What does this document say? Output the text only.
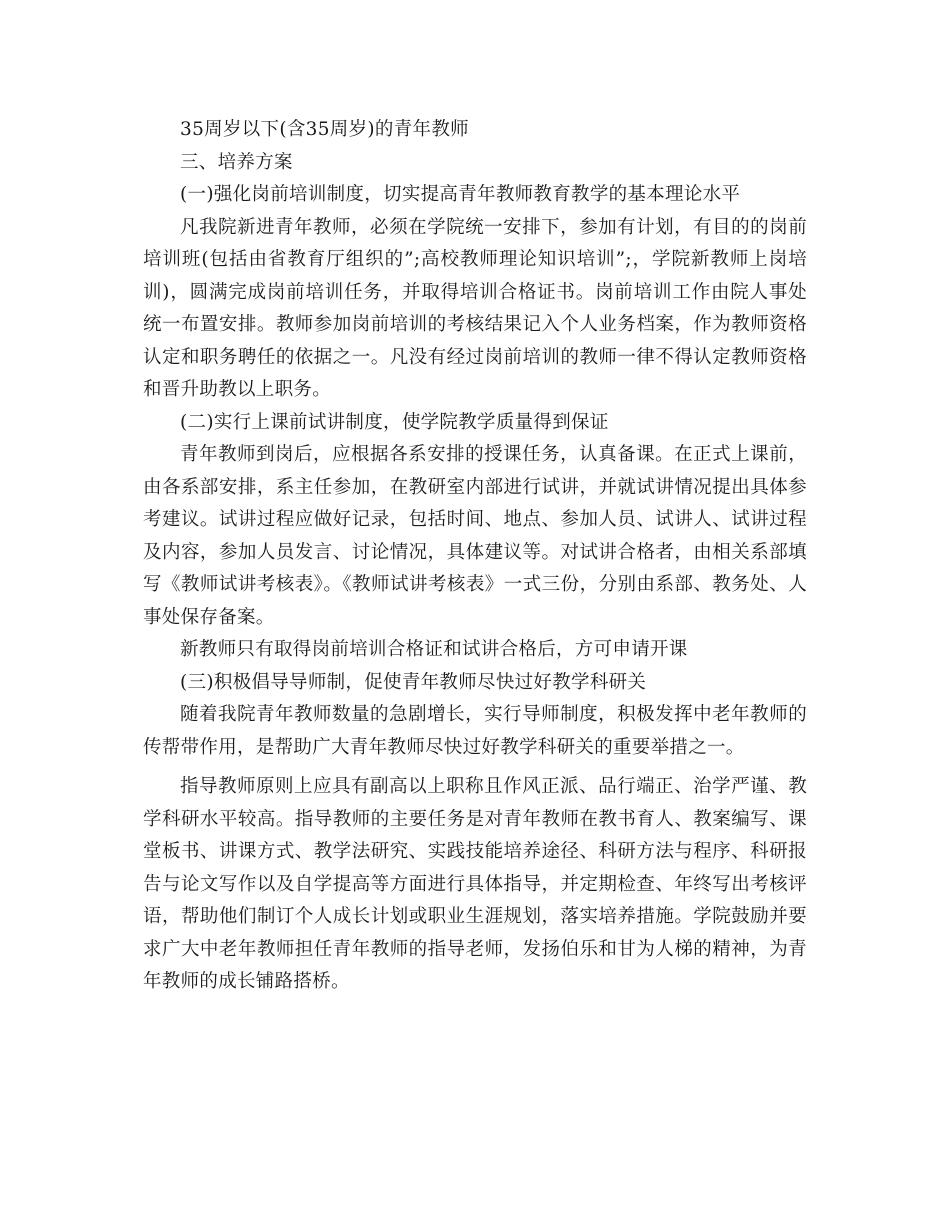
35周岁以下(含35周岁)的青年教师

三、培养方案

(一)强化岗前培训制度，切实提高青年教师教育教学的基本理论水平

凡我院新进青年教师，必须在学院统一安排下，参加有计划，有目的的岗前培训班(包括由省教育厅组织的”;高校教师理论知识培训”;，学院新教师上岗培训)，圆满完成岗前培训任务，并取得培训合格证书。岗前培训工作由院人事处统一布置安排。教师参加岗前培训的考核结果记入个人业务档案，作为教师资格认定和职务聘任的依据之一。凡没有经过岗前培训的教师一律不得认定教师资格和晋升助教以上职务。

(二)实行上课前试讲制度，使学院教学质量得到保证

青年教师到岗后，应根据各系安排的授课任务，认真备课。在正式上课前，由各系部安排，系主任参加，在教研室内部进行试讲，并就试讲情况提出具体参考建议。试讲过程应做好记录，包括时间、地点、参加人员、试讲人、试讲过程及内容，参加人员发言、讨论情况，具体建议等。对试讲合格者，由相关系部填写《教师试讲考核表》。《教师试讲考核表》一式三份，分别由系部、教务处、人事处保存备案。

新教师只有取得岗前培训合格证和试讲合格后，方可申请开课

(三)积极倡导导师制，促使青年教师尽快过好教学科研关

随着我院青年教师数量的急剧增长，实行导师制度，积极发挥中老年教师的传帮带作用，是帮助广大青年教师尽快过好教学科研关的重要举措之一。

指导教师原则上应具有副高以上职称且作风正派、品行端正、治学严谨、教学科研水平较高。指导教师的主要任务是对青年教师在教书育人、教案编写、课堂板书、讲课方式、教学法研究、实践技能培养途径、科研方法与程序、科研报告与论文写作以及自学提高等方面进行具体指导，并定期检查、年终写出考核评语，帮助他们制订个人成长计划或职业生涯规划，落实培养措施。学院鼓励并要求广大中老年教师担任青年教师的指导老师，发扬伯乐和甘为人梯的精神，为青年教师的成长铺路搭桥。
